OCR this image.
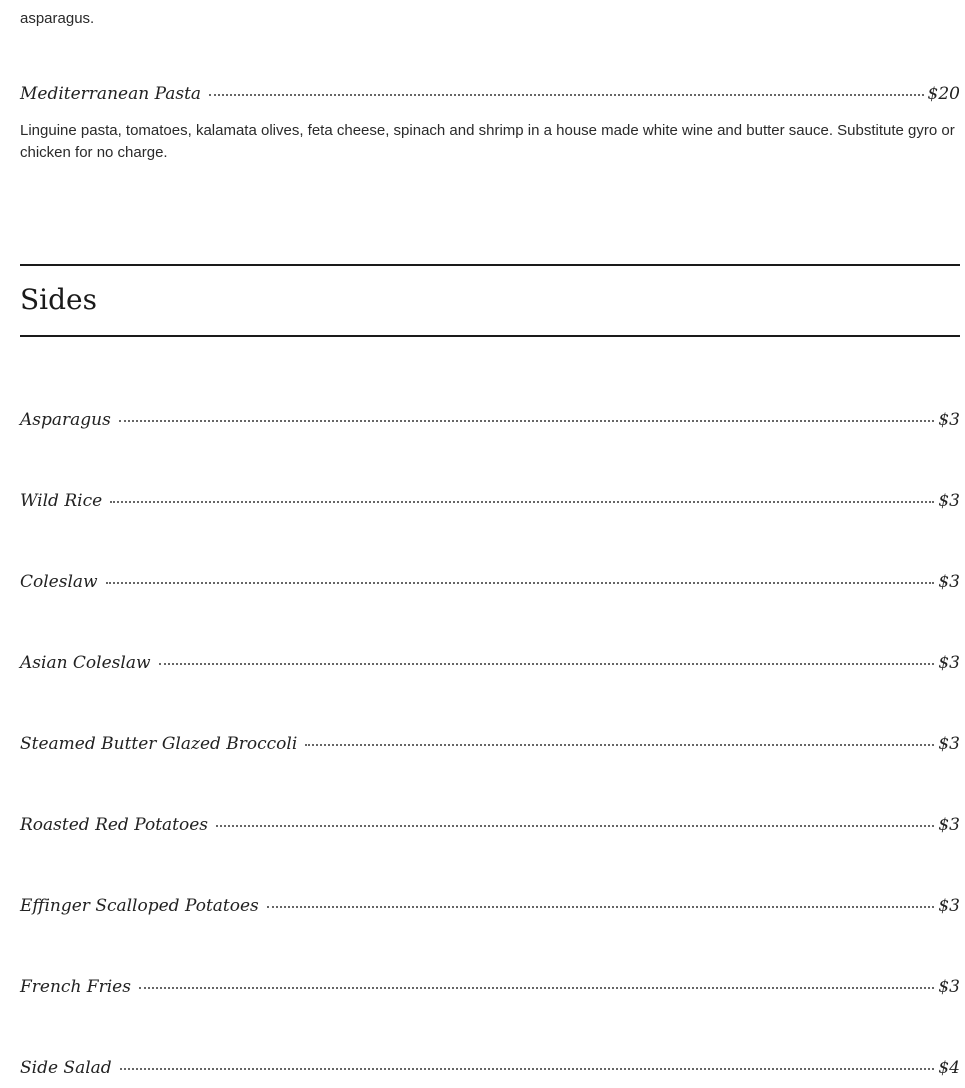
asparagus.
Mediterranean Pasta	$20
Linguine pasta, tomatoes, kalamata olives, feta cheese, spinach and shrimp in a house made white wine and butter sauce. Substitute gyro or chicken for no charge.
Sides
Asparagus	$3
Wild Rice	$3
Coleslaw	$3
Asian Coleslaw	$3
Steamed Butter Glazed Broccoli	$3
Roasted Red Potatoes	$3
Effinger Scalloped Potatoes	$3
French Fries	$3
Side Salad	$4
